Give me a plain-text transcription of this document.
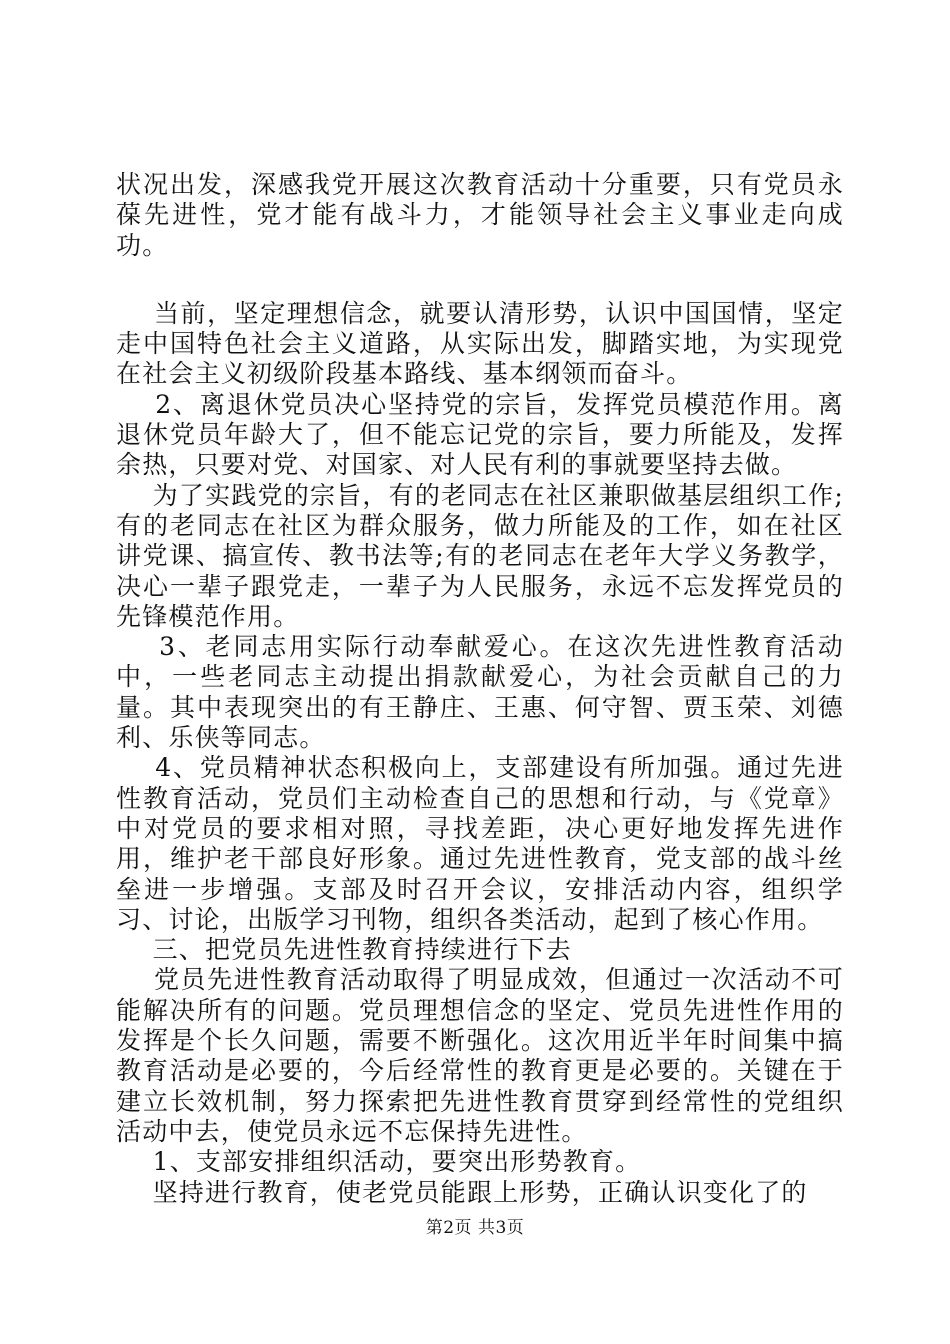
状况出发，深感我党开展这次教育活动十分重要，只有党员永葆先进性，党才能有战斗力，才能领导社会主义事业走向成功。

当前，坚定理想信念，就要认清形势，认识中国国情，坚定走中国特色社会主义道路，从实际出发，脚踏实地，为实现党在社会主义初级阶段基本路线、基本纲领而奋斗。

2、离退休党员决心坚持党的宗旨，发挥党员模范作用。离退休党员年龄大了，但不能忘记党的宗旨，要力所能及，发挥余热，只要对党、对国家、对人民有利的事就要坚持去做。

为了实践党的宗旨，有的老同志在社区兼职做基层组织工作;有的老同志在社区为群众服务，做力所能及的工作，如在社区讲党课、搞宣传、教书法等;有的老同志在老年大学义务教学，决心一辈子跟党走，一辈子为人民服务，永远不忘发挥党员的先锋模范作用。

3、老同志用实际行动奉献爱心。在这次先进性教育活动中，一些老同志主动提出捐款献爱心，为社会贡献自己的力量。其中表现突出的有王静庄、王惠、何守智、贾玉荣、刘德利、乐侠等同志。

4、党员精神状态积极向上，支部建设有所加强。通过先进性教育活动，党员们主动检查自己的思想和行动，与《党章》中对党员的要求相对照，寻找差距，决心更好地发挥先进作用，维护老干部良好形象。通过先进性教育，党支部的战斗丝垒进一步增强。支部及时召开会议，安排活动内容，组织学习、讨论，出版学习刊物，组织各类活动，起到了核心作用。

三、把党员先进性教育持续进行下去

党员先进性教育活动取得了明显成效，但通过一次活动不可能解决所有的问题。党员理想信念的坚定、党员先进性作用的发挥是个长久问题，需要不断强化。这次用近半年时间集中搞教育活动是必要的，今后经常性的教育更是必要的。关键在于建立长效机制，努力探索把先进性教育贯穿到经常性的党组织活动中去，使党员永远不忘保持先进性。

1、支部安排组织活动，要突出形势教育。

坚持进行教育，使老党员能跟上形势，正确认识变化了的

第2页 共3页
